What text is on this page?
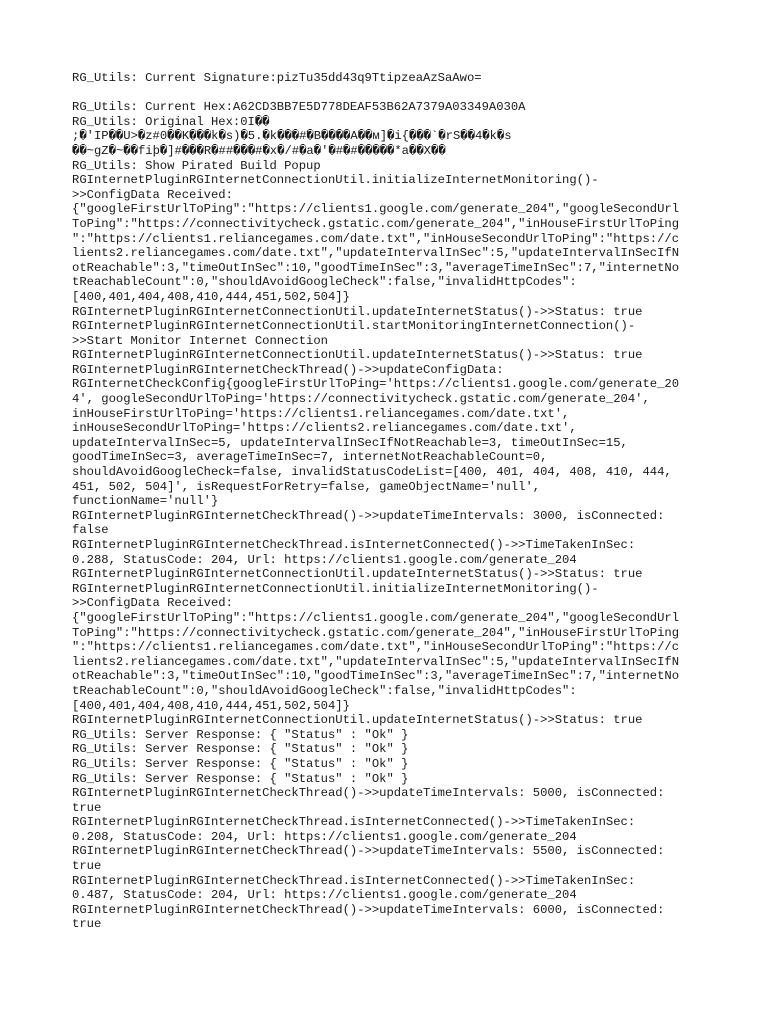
RG_Utils: Current Signature:pizTu35dd43q9TtipzeaAzSaAwo=
RG_Utils: Current Hex:A62CD3BB7E5D778DEAF53B62A7379A03349A030A
RG_Utils: Original Hex:0I��
;�'IP��U>�z#0��K���k�s)�5.�k���#�B����A��м]�i{���`�rS��4�k�s
��~gZ�~��fiþ�]#���R�##���#�x�/#�a�'�#�#�����*a��X��
RG_Utils: Show Pirated Build Popup
RGInternetPluginRGInternetConnectionUtil.initializeInternetMonitoring()-
>>ConfigData Received:
{"googleFirstUrlToPing":"https://clients1.google.com/generate_204","googleSecondUrl
ToPing":"https://connectivitycheck.gstatic.com/generate_204","inHouseFirstUrlToPing
":"https://clients1.reliancegames.com/date.txt","inHouseSecondUrlToPing":"https://c
lients2.reliancegames.com/date.txt","updateIntervalInSec":5,"updateIntervalInSecIfN
otReachable":3,"timeOutInSec":10,"goodTimeInSec":3,"averageTimeInSec":7,"internetNo
tReachableCount":0,"shouldAvoidGoogleCheck":false,"invalidHttpCodes":
[400,401,404,408,410,444,451,502,504]}
RGInternetPluginRGInternetConnectionUtil.updateInternetStatus()->>Status: true
RGInternetPluginRGInternetConnectionUtil.startMonitoringInternetConnection()-
>>Start Monitor Internet Connection
RGInternetPluginRGInternetConnectionUtil.updateInternetStatus()->>Status: true
RGInternetPluginRGInternetCheckThread()->>updateConfigData:
RGInternetCheckConfig{googleFirstUrlToPing='https://clients1.google.com/generate_20
4', googleSecondUrlToPing='https://connectivitycheck.gstatic.com/generate_204',
inHouseFirstUrlToPing='https://clients1.reliancegames.com/date.txt',
inHouseSecondUrlToPing='https://clients2.reliancegames.com/date.txt',
updateIntervalInSec=5, updateIntervalInSecIfNotReachable=3, timeOutInSec=15,
goodTimeInSec=3, averageTimeInSec=7, internetNotReachableCount=0,
shouldAvoidGoogleCheck=false, invalidStatusCodeList=[400, 401, 404, 408, 410, 444,
451, 502, 504]', isRequestForRetry=false, gameObjectName='null',
functionName='null'}
RGInternetPluginRGInternetCheckThread()->>updateTimeIntervals: 3000, isConnected:
false
RGInternetPluginRGInternetCheckThread.isInternetConnected()->>TimeTakenInSec:
0.288, StatusCode: 204, Url: https://clients1.google.com/generate_204
RGInternetPluginRGInternetConnectionUtil.updateInternetStatus()->>Status: true
RGInternetPluginRGInternetConnectionUtil.initializeInternetMonitoring()-
>>ConfigData Received:
{"googleFirstUrlToPing":"https://clients1.google.com/generate_204","googleSecondUrl
ToPing":"https://connectivitycheck.gstatic.com/generate_204","inHouseFirstUrlToPing
":"https://clients1.reliancegames.com/date.txt","inHouseSecondUrlToPing":"https://c
lients2.reliancegames.com/date.txt","updateIntervalInSec":5,"updateIntervalInSecIfN
otReachable":3,"timeOutInSec":10,"goodTimeInSec":3,"averageTimeInSec":7,"internetNo
tReachableCount":0,"shouldAvoidGoogleCheck":false,"invalidHttpCodes":
[400,401,404,408,410,444,451,502,504]}
RGInternetPluginRGInternetConnectionUtil.updateInternetStatus()->>Status: true
RG_Utils: Server Response: { "Status" : "Ok" }
RG_Utils: Server Response: { "Status" : "Ok" }
RG_Utils: Server Response: { "Status" : "Ok" }
RG_Utils: Server Response: { "Status" : "Ok" }
RGInternetPluginRGInternetCheckThread()->>updateTimeIntervals: 5000, isConnected:
true
RGInternetPluginRGInternetCheckThread.isInternetConnected()->>TimeTakenInSec:
0.208, StatusCode: 204, Url: https://clients1.google.com/generate_204
RGInternetPluginRGInternetCheckThread()->>updateTimeIntervals: 5500, isConnected:
true
RGInternetPluginRGInternetCheckThread.isInternetConnected()->>TimeTakenInSec:
0.487, StatusCode: 204, Url: https://clients1.google.com/generate_204
RGInternetPluginRGInternetCheckThread()->>updateTimeIntervals: 6000, isConnected:
true
